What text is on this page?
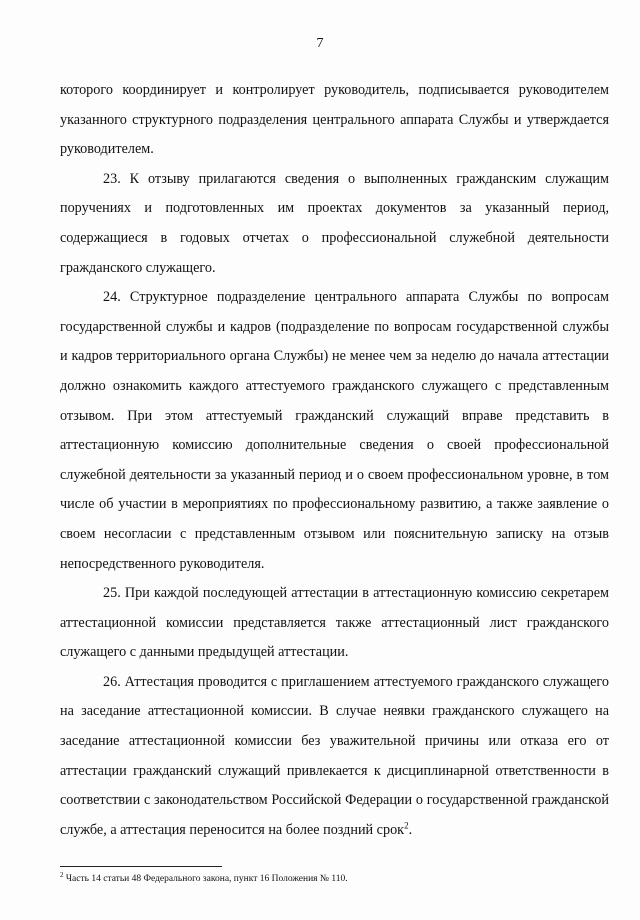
7

которого координирует и контролирует руководитель, подписывается руководителем указанного структурного подразделения центрального аппарата Службы и утверждается руководителем.

23. К отзыву прилагаются сведения о выполненных гражданским служащим поручениях и подготовленных им проектах документов за указанный период, содержащиеся в годовых отчетах о профессиональной служебной деятельности гражданского служащего.

24. Структурное подразделение центрального аппарата Службы по вопросам государственной службы и кадров (подразделение по вопросам государственной службы и кадров территориального органа Службы) не менее чем за неделю до начала аттестации должно ознакомить каждого аттестуемого гражданского служащего с представленным отзывом. При этом аттестуемый гражданский служащий вправе представить в аттестационную комиссию дополнительные сведения о своей профессиональной служебной деятельности за указанный период и о своем профессиональном уровне, в том числе об участии в мероприятиях по профессиональному развитию, а также заявление о своем несогласии с представленным отзывом или пояснительную записку на отзыв непосредственного руководителя.

25. При каждой последующей аттестации в аттестационную комиссию секретарем аттестационной комиссии представляется также аттестационный лист гражданского служащего с данными предыдущей аттестации.

26. Аттестация проводится с приглашением аттестуемого гражданского служащего на заседание аттестационной комиссии. В случае неявки гражданского служащего на заседание аттестационной комиссии без уважительной причины или отказа его от аттестации гражданский служащий привлекается к дисциплинарной ответственности в соответствии с законодательством Российской Федерации о государственной гражданской службе, а аттестация переносится на более поздний срок$^2$.

$^2$ Часть 14 статьи 48 Федерального закона, пункт 16 Положения № 110.
